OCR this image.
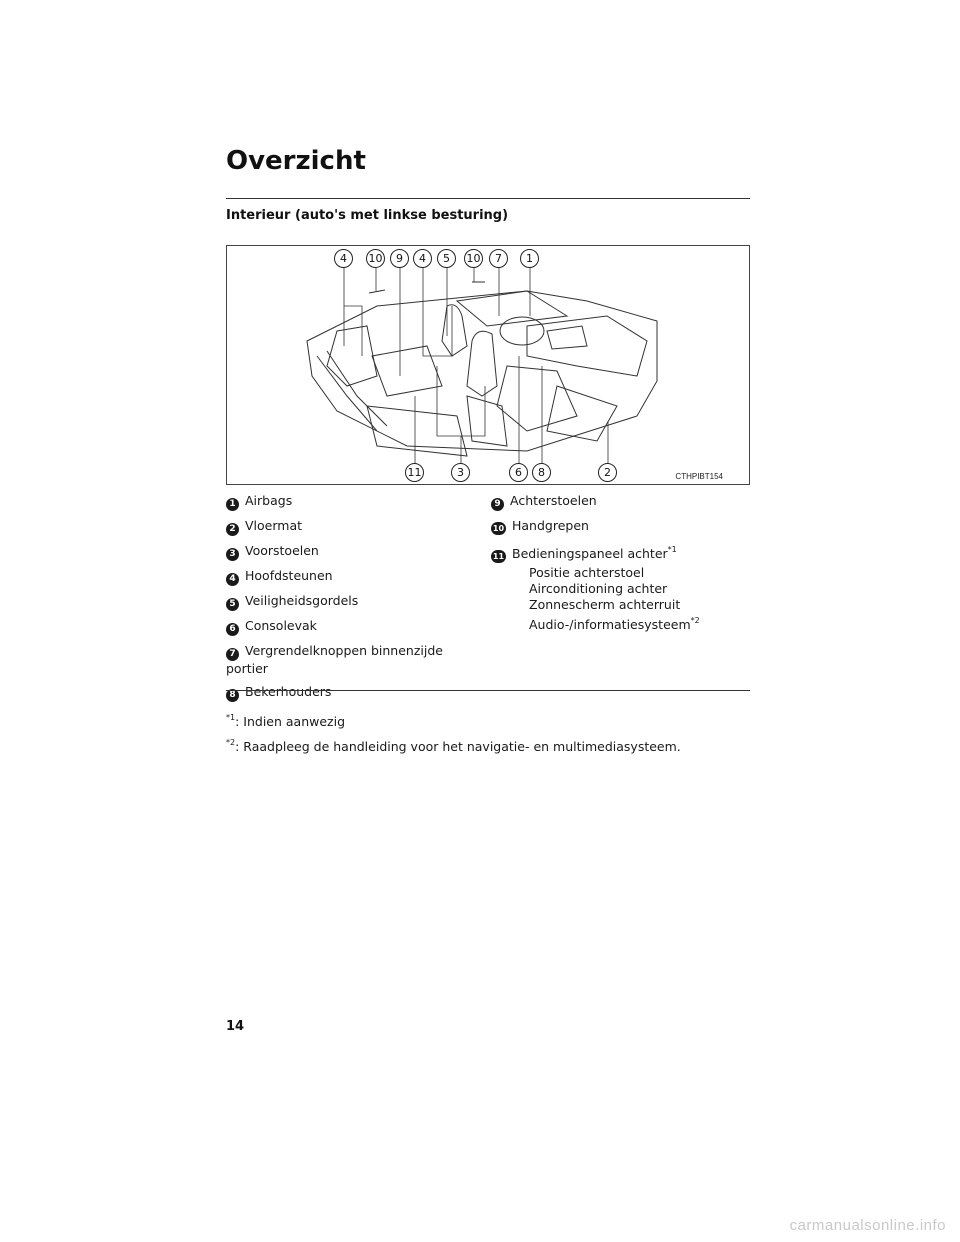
Overzicht
Interieur (auto's met linkse besturing)
4	10	9	4	5	10	7	1
11	3	6	8	2	CTHPIBT154
1 Airbags
2 Vloermat
3 Voorstoelen
4 Hoofdsteunen
5 Veiligheidsgordels
6 Consolevak
7 Vergrendelknoppen binnenzijde portier
8 Bekerhouders
9 Achterstoelen
10 Handgrepen
11 Bedieningspaneel achter$^{*1}$
Positie achterstoel
Airconditioning achter
Zonnescherm achterruit
Audio-/informatiesysteem$^{*2}$
$^{*1}$: Indien aanwezig
$^{*2}$: Raadpleeg de handleiding voor het navigatie- en multimediasysteem.
14
carmanualsonline.info
